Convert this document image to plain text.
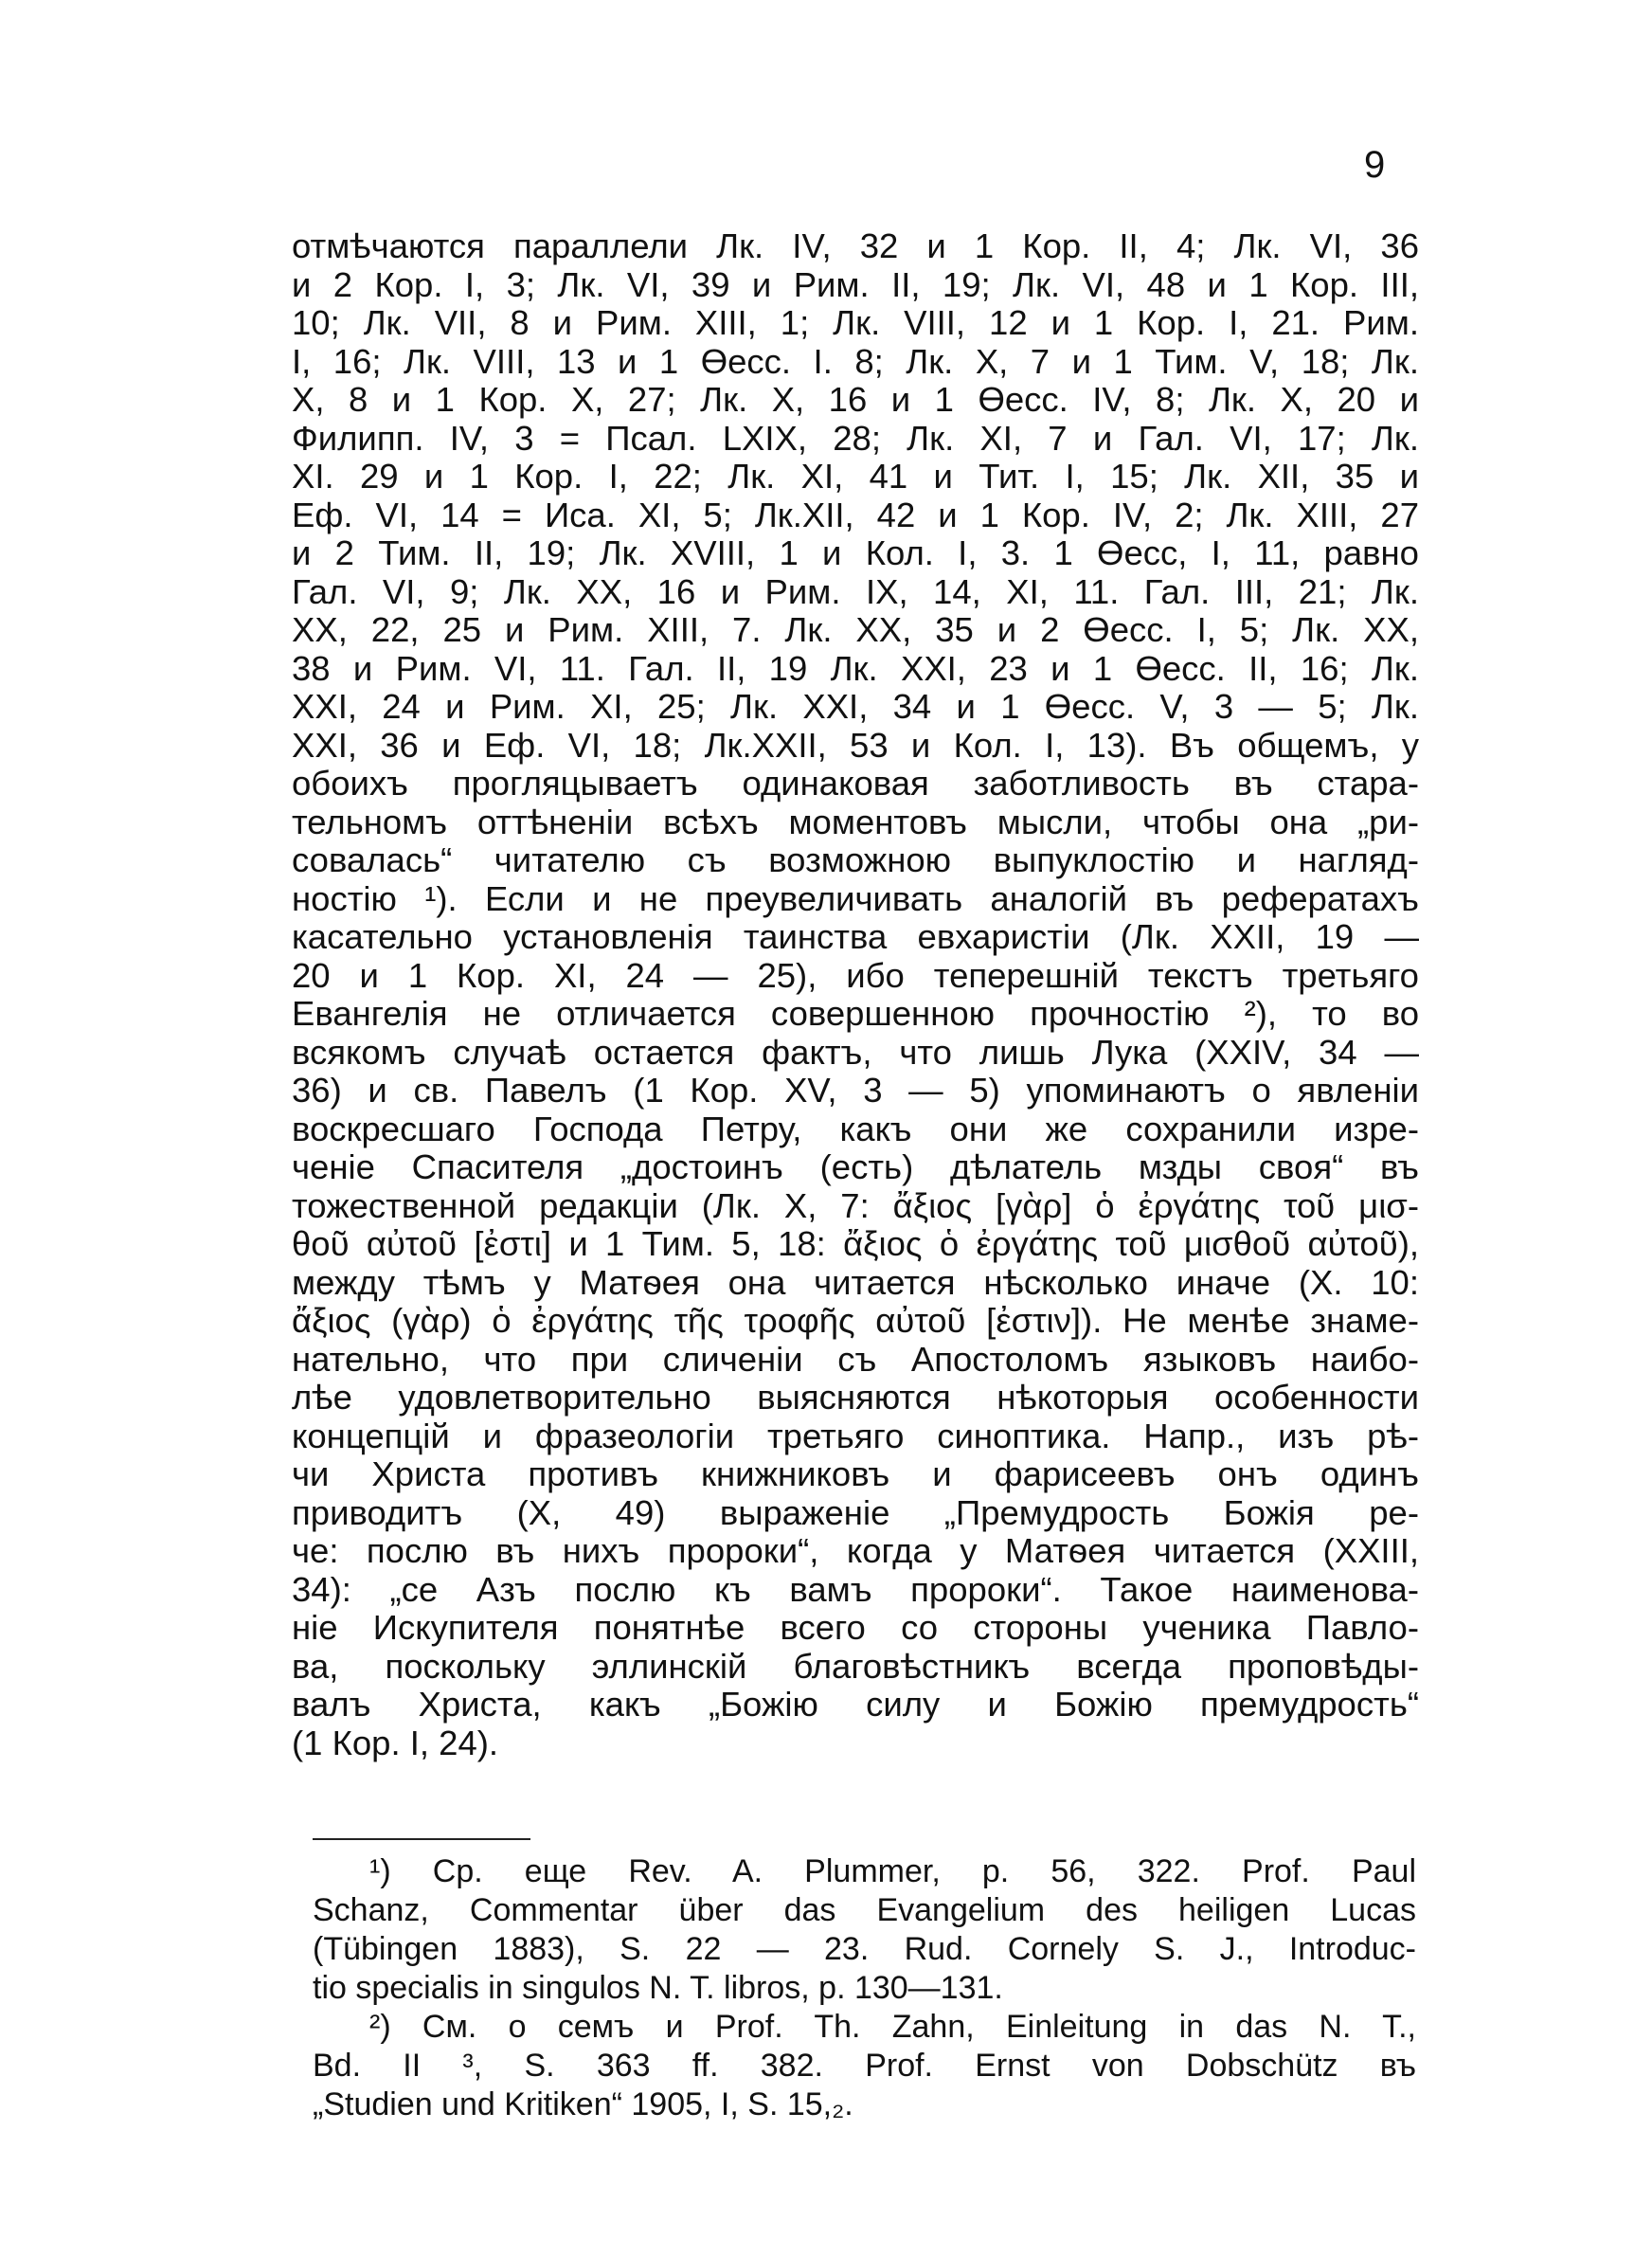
9
отмѣчаются параллели Лк. IV, 32 и 1 Кор. II, 4; Лк. VI, 36
и 2 Кор. I, 3; Лк. VI, 39 и Рим. II, 19; Лк. VI, 48 и 1 Кор. III,
10; Лк. VII, 8 и Рим. XIII, 1; Лк. VIII, 12 и 1 Кор. I, 21. Рим.
I, 16; Лк. VIII, 13 и 1 Өесс. I. 8; Лк. X, 7 и 1 Тим. V, 18; Лк.
X, 8 и 1 Кор. X, 27; Лк. X, 16 и 1 Өесс. IV, 8; Лк. X, 20 и
Филипп. IV, 3 = Псал. LXIX, 28; Лк. XI, 7 и Гал. VI, 17; Лк.
XI. 29 и 1 Кор. I, 22; Лк. XI, 41 и Тит. I, 15; Лк. XII, 35 и
Еф. VI, 14 = Иса. XI, 5; Лк.XII, 42 и 1 Кор. IV, 2; Лк. XIII, 27
и 2 Тим. II, 19; Лк. XVIII, 1 и Кол. I, 3. 1 Өесс, I, 11, равно
Гал. VI, 9; Лк. XX, 16 и Рим. IX, 14, XI, 11. Гал. III, 21; Лк.
XX, 22, 25 и Рим. XIII, 7. Лк. XX, 35 и 2 Өесс. I, 5; Лк. XX,
38 и Рим. VI, 11. Гал. II, 19 Лк. XXI, 23 и 1 Өесс. II, 16; Лк.
XXI, 24 и Рим. XI, 25; Лк. XXI, 34 и 1 Өесс. V, 3 — 5; Лк.
XXI, 36 и Еф. VI, 18; Лк.XXII, 53 и Кол. I, 13). Въ общемъ, у
обоихъ прогляцываетъ одинаковая заботливость въ стара-
тельномъ оттѣненіи всѣхъ моментовъ мысли, чтобы она „ри-
совалась“ читателю съ возможною выпуклостію и нагляд-
ностію ¹). Если и не преувеличивать аналогій въ рефератахъ
касательно установленія таинства евхаристіи (Лк. XXII, 19 —
20 и 1 Кор. XI, 24 — 25), ибо теперешній текстъ третьяго
Евангелія не отличается совершенною прочностію ²), то во
всякомъ случаѣ остается фактъ, что лишь Лука (XXIV, 34 —
36) и св. Павелъ (1 Кор. XV, 3 — 5) упоминаютъ о явленіи
воскресшаго Господа Петру, какъ они же сохранили изре-
ченіе Спасителя „достоинъ (есть) дѣлатель мзды своя“ въ
тожественной редакціи (Лк. X, 7: ἄξιος [γὰρ] ὁ ἐργάτης τοῦ μισ-
θοῦ αὐτοῦ [ἐστι] и 1 Тим. 5, 18: ἄξιος ὁ ἐργάτης τοῦ μισθοῦ αὐτοῦ),
между тѣмъ у Матѳея она читается нѣсколько иначе (X. 10:
ἄξιος (γὰρ) ὁ ἐργάτης τῆς τροφῆς αὐτοῦ [ἐστιν]). Не менѣе знаме-
нательно, что при сличеніи съ Апостоломъ языковъ наибо-
лѣе удовлетворительно выясняются нѣкоторыя особенности
концепцій и фразеологіи третьяго синоптика. Напр., изъ рѣ-
чи Христа противъ книжниковъ и фарисеевъ онъ одинъ
приводитъ (X, 49) выраженіе „Премудрость Божія ре-
че: послю въ нихъ пророки“, когда у Матѳея читается (XXIII,
34): „се Азъ послю къ вамъ пророки“. Такое наименова-
ніе Искупителя понятнѣе всего со стороны ученика Павло-
ва, поскольку эллинскій благовѣстникъ всегда проповѣды-
валъ Христа, какъ „Божію силу и Божію премудрость“
(1 Кор. I, 24).
¹) Ср. еще Rev. A. Plummer, p. 56, 322. Prof. Paul
Schanz, Commentar über das Evangelium des heiligen Lucas
(Tübingen 1883), S. 22 — 23. Rud. Cornely S. J., Introduc-
tio specialis in singulos N. T. libros, p. 130—131.
²) См. о семъ и Prof. Th. Zahn, Einleitung in das N. T.,
Bd. II ³, S. 363 ff. 382. Prof. Ernst von Dobschütz въ
„Studien und Kritiken“ 1905, I, S. 15,₂.
